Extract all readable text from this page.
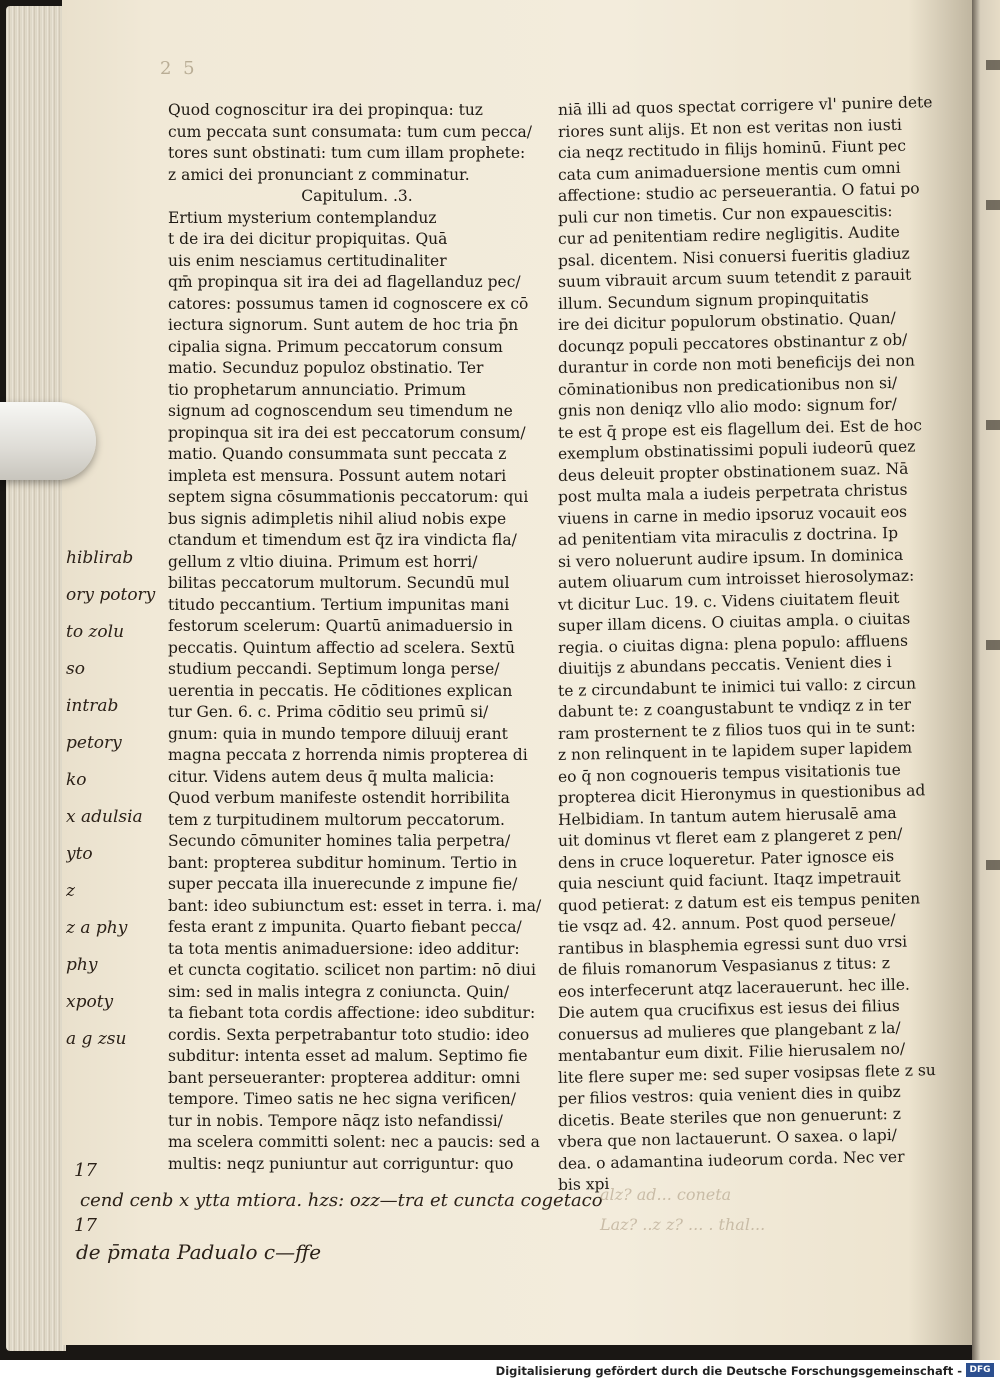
2 5
Quod cognoscitur ira dei propinqua: tuz
cum peccata sunt consumata: tum cum pecca/
tores sunt obstinati: tum cum illam prophete:
z amici dei pronunciant z comminatur.
Capitulum. .3.
Ertium mysterium contemplanduz
t de ira dei dicitur propiquitas. Quā
uis enim nesciamus certitudinaliter
qm̄ propinqua sit ira dei ad flagellanduz pec/
catores: possumus tamen id cognoscere ex cō
iectura signorum. Sunt autem de hoc tria p̄n
cipalia signa. Primum peccatorum consum
matio. Secunduz populoz obstinatio. Ter
tio prophetarum annunciatio. Primum
signum ad cognoscendum seu timendum ne
propinqua sit ira dei est peccatorum consum/
matio. Quando consummata sunt peccata z
impleta est mensura. Possunt autem notari
septem signa cōsummationis peccatorum: qui
bus signis adimpletis nihil aliud nobis expe
ctandum et timendum est q̄z ira vindicta fla/
gellum z vltio diuina. Primum est horri/
bilitas peccatorum multorum. Secundū mul
titudo peccantium. Tertium impunitas mani
festorum scelerum: Quartū animaduersio in
peccatis. Quintum affectio ad scelera. Sextū
studium peccandi. Septimum longa perse/
uerentia in peccatis. He cōditiones explican
tur Gen. 6. c. Prima cōditio seu primū si/
gnum: quia in mundo tempore diluuij erant
magna peccata z horrenda nimis propterea di
citur. Videns autem deus q̄ multa malicia:
Quod verbum manifeste ostendit horribilita
tem z turpitudinem multorum peccatorum.
Secundo cōmuniter homines talia perpetra/
bant: propterea subditur hominum. Tertio in
super peccata illa inuerecunde z impune fie/
bant: ideo subiunctum est: esset in terra. i. ma/
festa erant z impunita. Quarto fiebant pecca/
ta tota mentis animaduersione: ideo additur:
et cuncta cogitatio. scilicet non partim: nō diui
sim: sed in malis integra z coniuncta. Quin/
ta fiebant tota cordis affectione: ideo subditur:
cordis. Sexta perpetrabantur toto studio: ideo
subditur: intenta esset ad malum. Septimo fie
bant perseueranter: propterea additur: omni
tempore. Timeo satis ne hec signa verificen/
tur in nobis. Tempore nāqz isto nefandissi/
ma scelera committi solent: nec a paucis: sed a
multis: neqz puniuntur aut corriguntur: quo
niā illi ad quos spectat corrigere vl' punire dete
riores sunt alijs. Et non est veritas non iusti
cia neqz rectitudo in filijs hominū. Fiunt pec
cata cum animaduersione mentis cum omni
affectione: studio ac perseuerantia. O fatui po
puli cur non timetis. Cur non expauescitis:
cur ad penitentiam redire negligitis. Audite
psal. dicentem. Nisi conuersi fueritis gladiuz
suum vibrauit arcum suum tetendit z parauit
illum. Secundum signum propinquitatis
ire dei dicitur populorum obstinatio. Quan/
docunqz populi peccatores obstinantur z ob/
durantur in corde non moti beneficijs dei non
cōminationibus non predicationibus non si/
gnis non deniqz vllo alio modo: signum for/
te est q̄ prope est eis flagellum dei. Est de hoc
exemplum obstinatissimi populi iudeorū quez
deus deleuit propter obstinationem suaz. Nā
post multa mala a iudeis perpetrata christus
viuens in carne in medio ipsoruz vocauit eos
ad penitentiam vita miraculis z doctrina. Ip
si vero noluerunt audire ipsum. In dominica
autem oliuarum cum introisset hierosolymaz:
vt dicitur Luc. 19. c. Videns ciuitatem fleuit
super illam dicens. O ciuitas ampla. o ciuitas
regia. o ciuitas digna: plena populo: affluens
diuitijs z abundans peccatis. Venient dies i
te z circundabunt te inimici tui vallo: z circun
dabunt te: z coangustabunt te vndiqz z in ter
ram prosternent te z filios tuos qui in te sunt:
z non relinquent in te lapidem super lapidem
eo q̄ non cognoueris tempus visitationis tue
propterea dicit Hieronymus in questionibus ad
Helbidiam. In tantum autem hierusalē ama
uit dominus vt fleret eam z plangeret z pen/
dens in cruce loqueretur. Pater ignosce eis
quia nesciunt quid faciunt. Itaqz impetrauit
quod petierat: z datum est eis tempus peniten
tie vsqz ad. 42. annum. Post quod perseue/
rantibus in blasphemia egressi sunt duo vrsi
de filuis romanorum Vespasianus z titus: z
eos interfecerunt atqz lacerauerunt. hec ille.
Die autem qua crucifixus est iesus dei filius
conuersus ad mulieres que plangebant z la/
mentabantur eum dixit. Filie hierusalem no/
lite flere super me: sed super vosipsas flete z su
per filios vestros: quia venient dies in quibz
dicetis. Beate steriles que non genuerunt: z
vbera que non lactauerunt. O saxea. o lapi/
dea. o adamantina iudeorum corda. Nec ver
bis xpi
hiblirab
ory potory
to zolu
so
intrab
petory
ko
x adulsia
yto
z
z a phy
phy
xpoty
a g zsu
17
cend cenb x ytta mtiora. hzs: ozz—tra et cuncta cogetaco
17
de p̄mata Padualo c—ffe
alz? ad... coneta
Laz? ..z z? ... . thal...
Digitalisierung gefördert durch die Deutsche Forschungsgemeinschaft - DFG
